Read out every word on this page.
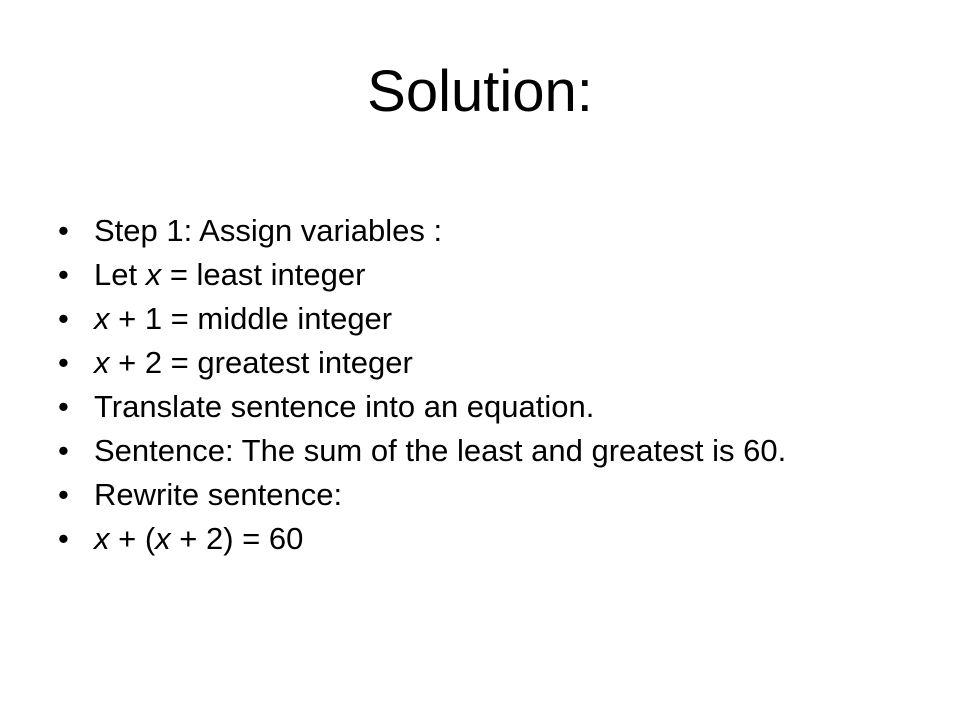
Solution:
• Step 1: Assign variables :
• Let x = least integer
• x + 1 = middle integer
• x + 2 = greatest integer
• Translate sentence into an equation.
• Sentence: The sum of the least and greatest is 60.
• Rewrite sentence:
• x + (x + 2) = 60
